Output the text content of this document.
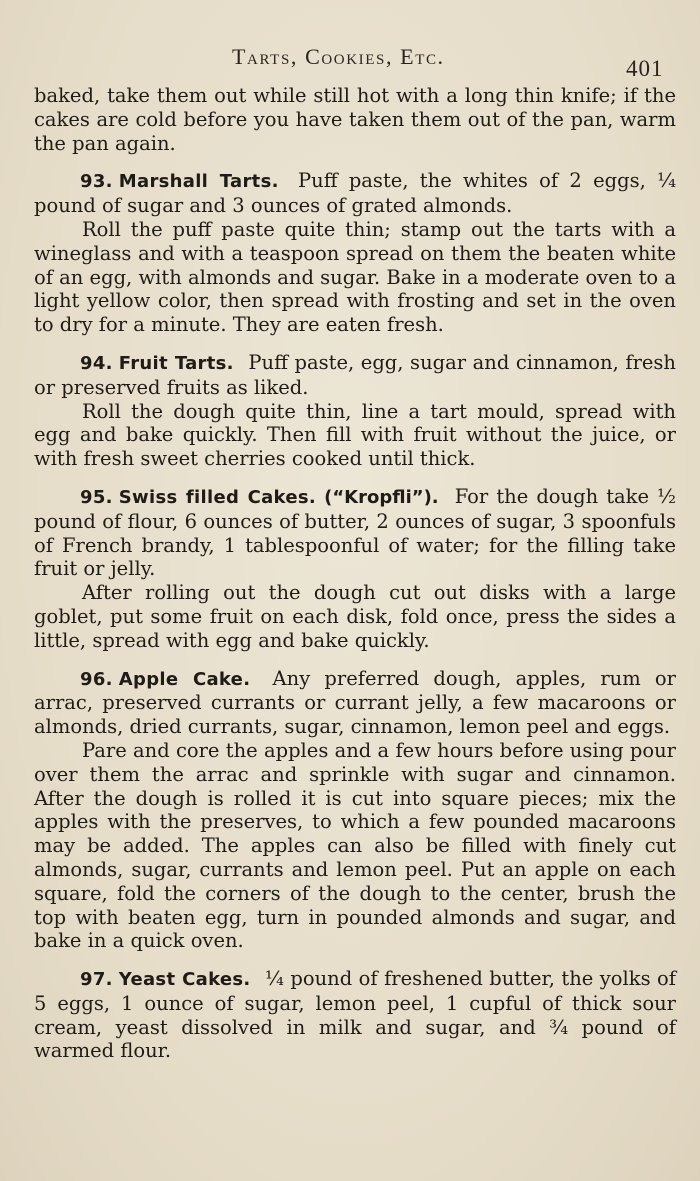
Tarts, Cookies, Etc.	401

baked, take them out while still hot with a long thin knife; if the cakes are cold before you have taken them out of the pan, warm the pan again.

93. Marshall Tarts. Puff paste, the whites of 2 eggs, ¼ pound of sugar and 3 ounces of grated almonds.

Roll the puff paste quite thin; stamp out the tarts with a wineglass and with a teaspoon spread on them the beaten white of an egg, with almonds and sugar. Bake in a moderate oven to a light yellow color, then spread with frosting and set in the oven to dry for a minute. They are eaten fresh.

94. Fruit Tarts. Puff paste, egg, sugar and cinnamon, fresh or preserved fruits as liked.

Roll the dough quite thin, line a tart mould, spread with egg and bake quickly. Then fill with fruit without the juice, or with fresh sweet cherries cooked until thick.

95. Swiss filled Cakes. (“Kropfli”). For the dough take ½ pound of flour, 6 ounces of butter, 2 ounces of sugar, 3 spoonfuls of French brandy, 1 tablespoonful of water; for the filling take fruit or jelly.

After rolling out the dough cut out disks with a large goblet, put some fruit on each disk, fold once, press the sides a little, spread with egg and bake quickly.

96. Apple Cake. Any preferred dough, apples, rum or arrac, preserved currants or currant jelly, a few macaroons or almonds, dried currants, sugar, cinnamon, lemon peel and eggs.

Pare and core the apples and a few hours before using pour over them the arrac and sprinkle with sugar and cinnamon. After the dough is rolled it is cut into square pieces; mix the apples with the preserves, to which a few pounded macaroons may be added. The apples can also be filled with finely cut almonds, sugar, currants and lemon peel. Put an apple on each square, fold the corners of the dough to the center, brush the top with beaten egg, turn in pounded almonds and sugar, and bake in a quick oven.

97. Yeast Cakes. ¼ pound of freshened butter, the yolks of 5 eggs, 1 ounce of sugar, lemon peel, 1 cupful of thick sour cream, yeast dissolved in milk and sugar, and ¾ pound of warmed flour.
